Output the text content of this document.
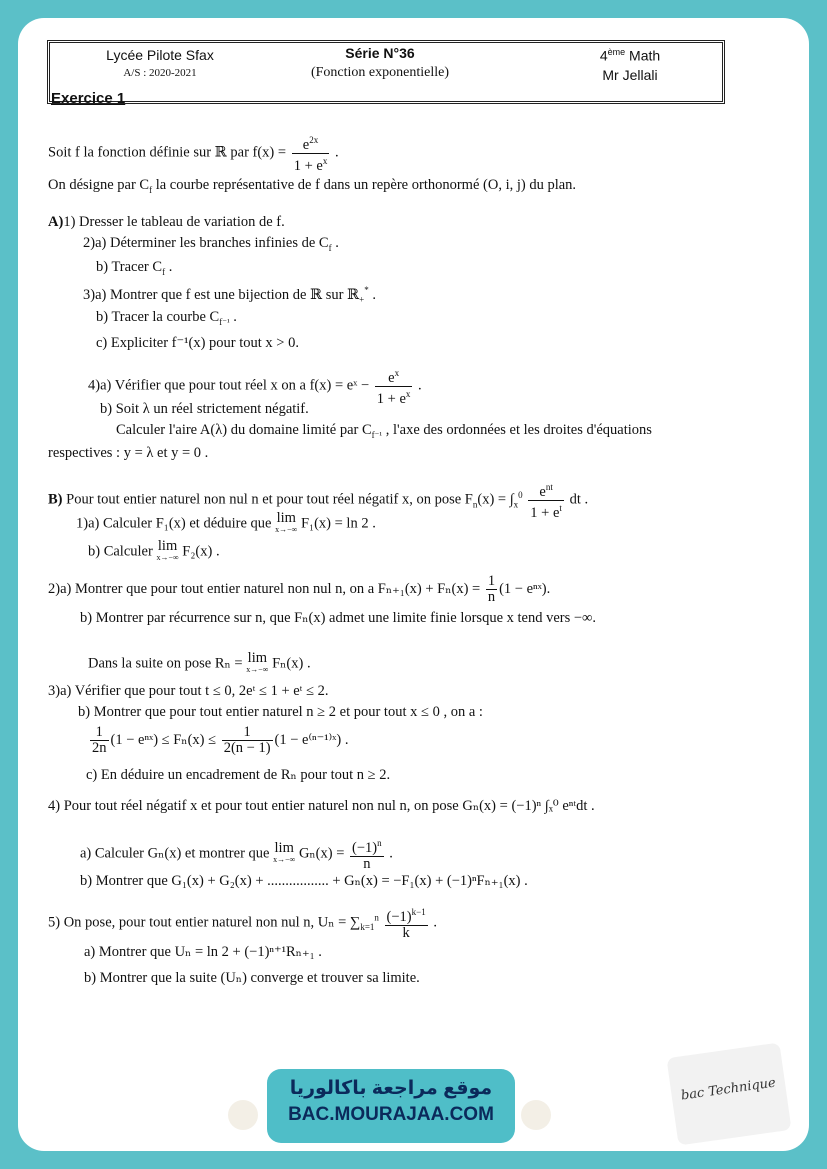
Lycée Pilote Sfax
A/S : 2020-2021
Série N°36
(Fonction exponentielle)
4ème Math
Mr Jellali
Exercice 1
Soit f la fonction définie sur ℝ par $f(x) = \frac{e^{2x}}{1 + e^x}$ .
On désigne par $C_f$ la courbe représentative de f dans un repère orthonormé (O, i, j) du plan.
A)1) Dresser le tableau de variation de f.
2)a) Déterminer les branches infinies de $C_f$ .
b) Tracer $C_f$ .
3)a) Montrer que f est une bijection de ℝ sur ℝ$_+$* .
b) Tracer la courbe $C_{f^{-1}}$ .
c) Expliciter f⁻¹(x) pour tout x > 0.
4)a) Vérifier que pour tout réel x on a f(x) = eˣ − $\frac{e^x}{1 + e^x}$ .
b) Soit λ un réel strictement négatif.
Calculer l'aire A(λ) du domaine limité par $C_{f^{-1}}$ , l'axe des ordonnées et les droites d'équations
respectives : y = λ et y = 0 .
B) Pour tout entier naturel non nul n et pour tout réel négatif x, on pose $F_n(x) = \int_x^0 \frac{e^{nt}}{1 + e^t}$ dt .
1)a) Calculer F₁(x) et déduire que lim
x→−∞ F₁(x) = ln 2 .
b) Calculer lim
x→−∞ F₂(x) .
2)a) Montrer que pour tout entier naturel non nul n, on a $F_{n+1}(x) + F_n(x) = \frac{1}{n} (1$ − eⁿˣ).
b) Montrer par récurrence sur n, que Fₙ(x) admet une limite finie lorsque x tend vers −∞.
Dans la suite on pose Rₙ = lim
x→−∞ Fₙ(x) .
3)a) Vérifier que pour tout t ≤ 0, 2eᵗ ≤ 1 + eᵗ ≤ 2.
b) Montrer que pour tout entier naturel n ≥ 2 et pour tout x ≤ 0 , on a :
$\frac{1}{2n} (1$ − eⁿˣ) ≤ $F_n(x) \le \frac{1}{2(n - 1)} (1$ − e⁽ⁿ⁻¹⁾ˣ) .
c) En déduire un encadrement de Rₙ pour tout n ≥ 2.
4) Pour tout réel négatif x et pour tout entier naturel non nul n, on pose Gₙ(x) = (−1)ⁿ ∫ₓ⁰ eⁿᵗdt .
a) Calculer Gₙ(x) et montrer que lim
x→−∞ $G_n(x) = \frac{(-1)^n}{n}$ .
b) Montrer que G₁(x) + G₂(x) + ................. + Gₙ(x) = −F₁(x) + (−1)ⁿFₙ₊₁(x) .
5) On pose, pour tout entier naturel non nul n, $U_n = \sum_{k=1}^n \frac{(-1)^{k-1}}{k}$ .
a) Montrer que Uₙ = ln 2 + (−1)ⁿ⁺¹Rₙ₊₁ .
b) Montrer que la suite (Uₙ) converge et trouver sa limite.
موقع مراجعة باكالوريا
BAC.MOURAJAA.COM
bac Technique
